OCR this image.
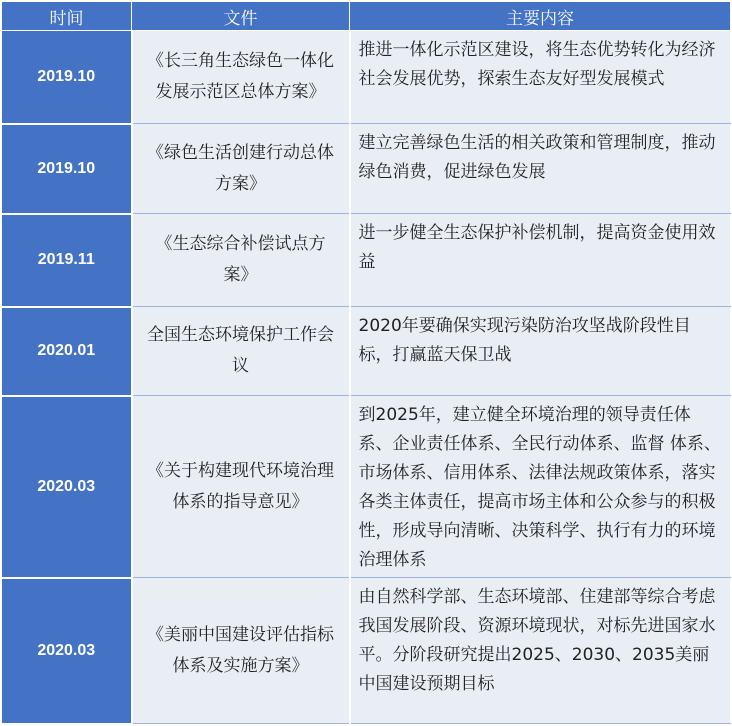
时间	文件	主要内容
2019.10	《长三角生态绿色一体化发展示范区总体方案》	推进一体化示范区建设，将生态优势转化为经济社会发展优势，探索生态友好型发展模式
2019.10	《绿色生活创建行动总体方案》	建立完善绿色生活的相关政策和管理制度，推动绿色消费，促进绿色发展
2019.11	《生态综合补偿试点方案》	进一步健全生态保护补偿机制，提高资金使用效益
2020.01	全国生态环境保护工作会议	2020年要确保实现污染防治攻坚战阶段性目标，打赢蓝天保卫战
2020.03	《关于构建现代环境治理体系的指导意见》	到2025年，建立健全环境治理的领导责任体系、企业责任体系、全民行动体系、监督 体系、市场体系、信用体系、法律法规政策体系，落实各类主体责任，提高市场主体和公众参与的积极性，形成导向清晰、决策科学、执行有力的环境治理体系
2020.03	《美丽中国建设评估指标体系及实施方案》	由自然科学部、生态环境部、住建部等综合考虑我国发展阶段、资源环境现状，对标先进国家水平。分阶段研究提出2025、2030、2035美丽中国建设预期目标
